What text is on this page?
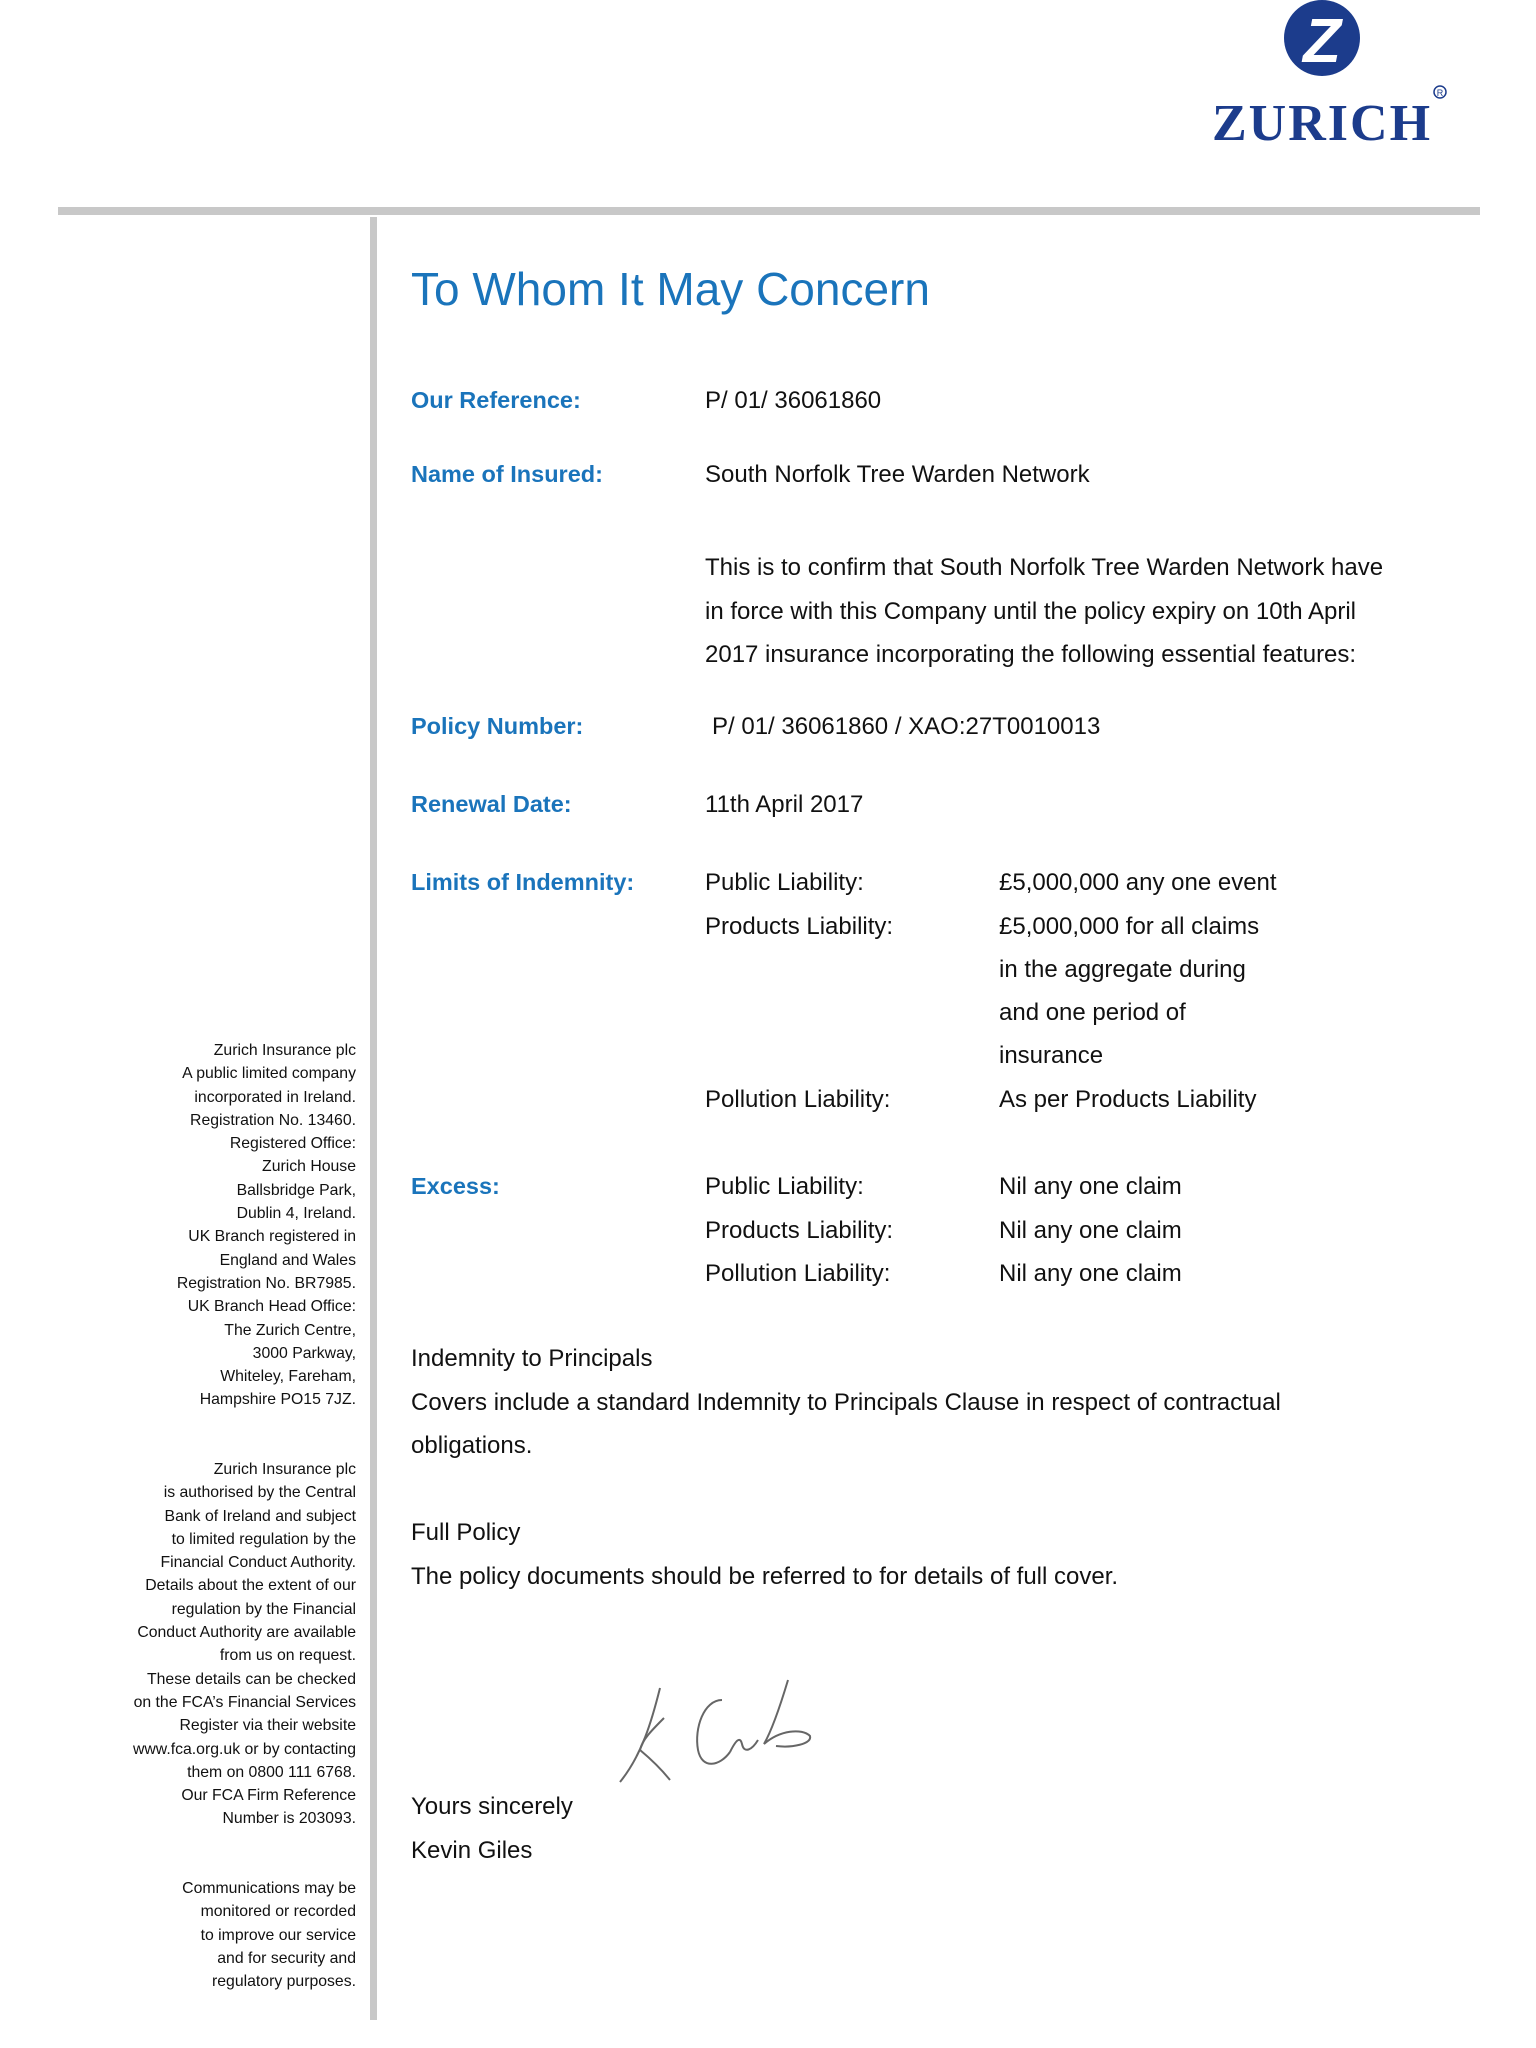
Z
ZURICH
R
Zurich Insurance plc
A public limited company
incorporated in Ireland.
Registration No. 13460.
Registered Office:
Zurich House
Ballsbridge Park,
Dublin 4, Ireland.
UK Branch registered in
England and Wales
Registration No. BR7985.
UK Branch Head Office:
The Zurich Centre,
3000 Parkway,
Whiteley, Fareham,
Hampshire PO15 7JZ.
Zurich Insurance plc
is authorised by the Central
Bank of Ireland and subject
to limited regulation by the
Financial Conduct Authority.
Details about the extent of our
regulation by the Financial
Conduct Authority are available
from us on request.
These details can be checked
on the FCA’s Financial Services
Register via their website
www.fca.org.uk or by contacting
them on 0800 111 6768.
Our FCA Firm Reference
Number is 203093.
Communications may be
monitored or recorded
to improve our service
and for security and
regulatory purposes.
To Whom It May Concern
Our Reference:	P/ 01/ 36061860
Name of Insured:	South Norfolk Tree Warden Network
This is to confirm that South Norfolk Tree Warden Network have
in force with this Company until the policy expiry on 10th April
2017 insurance incorporating the following essential features:
Policy Number:	P/ 01/ 36061860 / XAO:27T0010013
Renewal Date:	11th April 2017
Limits of Indemnity:	Public Liability:	£5,000,000 any one event
Products Liability:	£5,000,000 for all claims
in the aggregate during
and one period of
insurance
Pollution Liability:	As per Products Liability
Excess:	Public Liability:	Nil any one claim
Products Liability:	Nil any one claim
Pollution Liability:	Nil any one claim
Indemnity to Principals
Covers include a standard Indemnity to Principals Clause in respect of contractual
obligations.
Full Policy
The policy documents should be referred to for details of full cover.
Yours sincerely
Kevin Giles
